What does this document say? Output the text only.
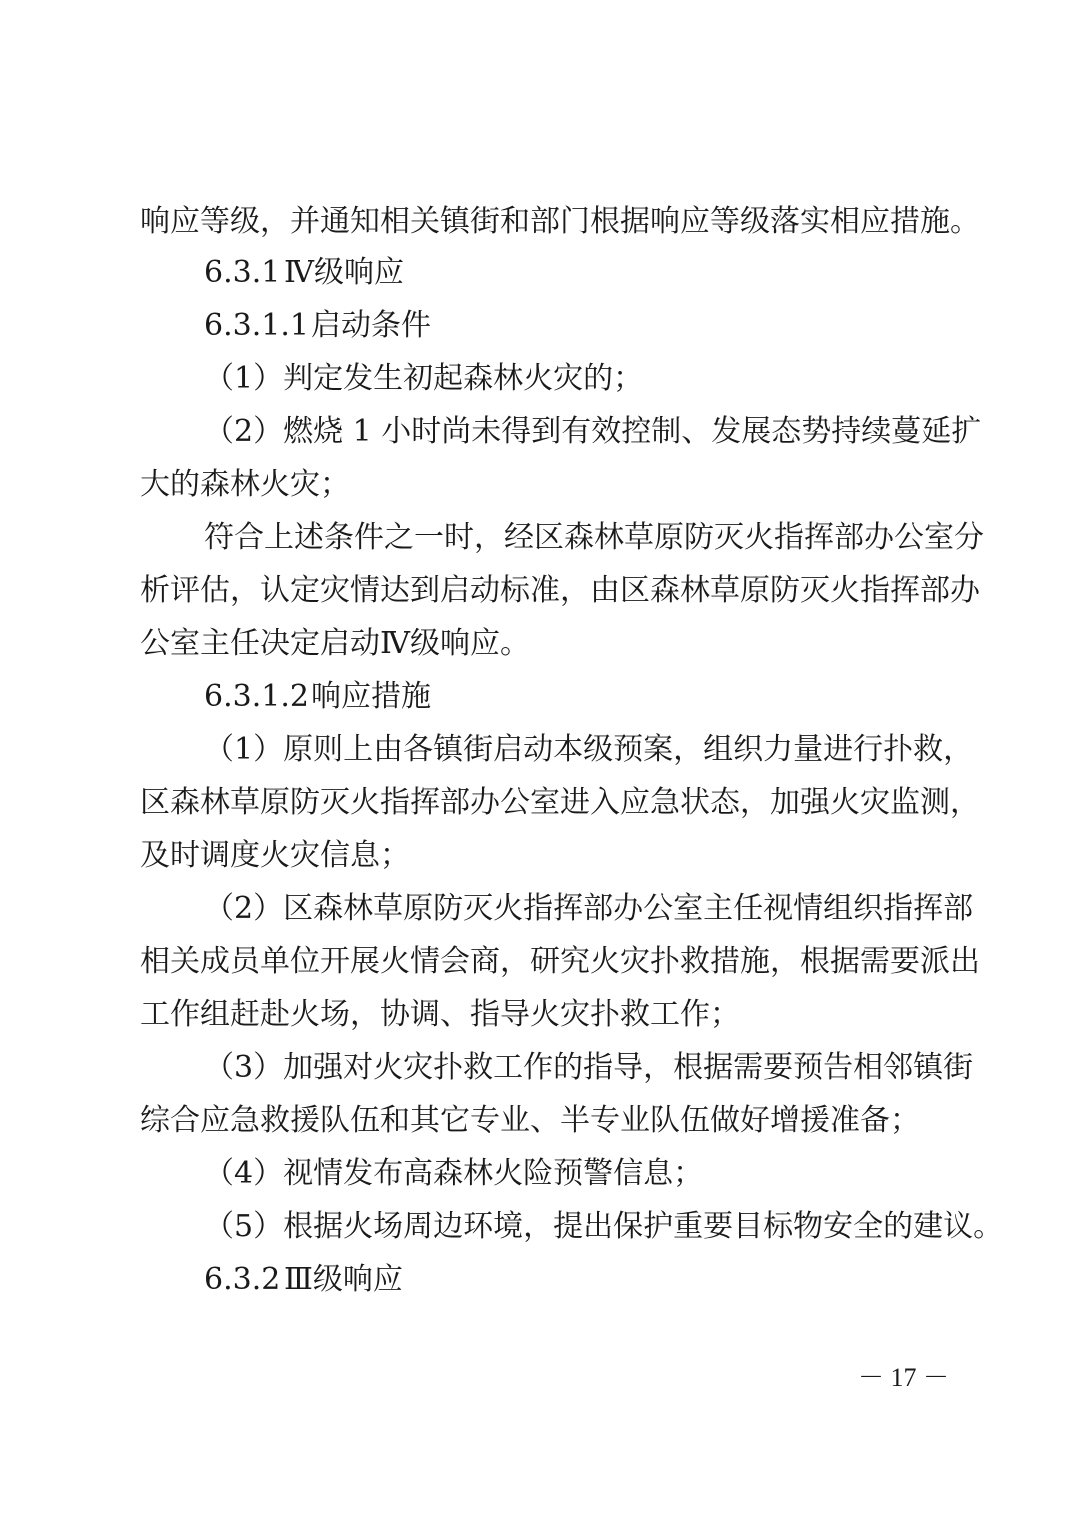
响应等级，并通知相关镇街和部门根据响应等级落实相应措施。
6.3.1 Ⅳ级响应
6.3.1.1启动条件
（1）判定发生初起森林火灾的；
（2）燃烧 1 小时尚未得到有效控制、发展态势持续蔓延扩
大的森林火灾；
符合上述条件之一时，经区森林草原防灭火指挥部办公室分
析评估，认定灾情达到启动标准，由区森林草原防灭火指挥部办
公室主任决定启动Ⅳ级响应。
6.3.1.2响应措施
（1）原则上由各镇街启动本级预案，组织力量进行扑救，
区森林草原防灭火指挥部办公室进入应急状态，加强火灾监测，
及时调度火灾信息；
（2）区森林草原防灭火指挥部办公室主任视情组织指挥部
相关成员单位开展火情会商，研究火灾扑救措施，根据需要派出
工作组赶赴火场，协调、指导火灾扑救工作；
（3）加强对火灾扑救工作的指导，根据需要预告相邻镇街
综合应急救援队伍和其它专业、半专业队伍做好增援准备；
（4）视情发布高森林火险预警信息；
（5）根据火场周边环境，提出保护重要目标物安全的建议。
6.3.2 Ⅲ级响应
－ 17 －
